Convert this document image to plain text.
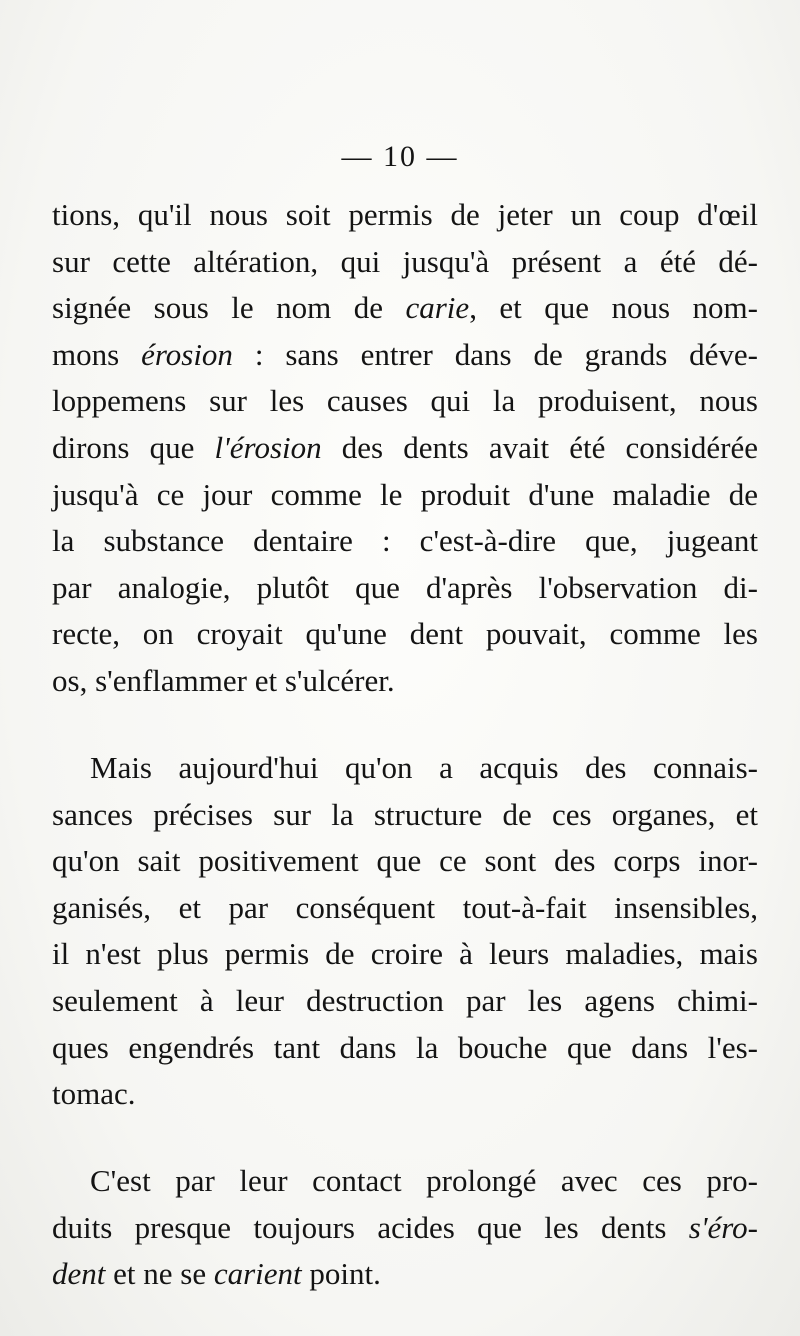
— 10 —
tions, qu'il nous soit permis de jeter un coup d'œil
sur cette altération, qui jusqu'à présent a été dé-
signée sous le nom de carie, et que nous nom-
mons érosion : sans entrer dans de grands déve-
loppemens sur les causes qui la produisent, nous
dirons que l'érosion des dents avait été considérée
jusqu'à ce jour comme le produit d'une maladie de
la substance dentaire : c'est-à-dire que, jugeant
par analogie, plutôt que d'après l'observation di-
recte, on croyait qu'une dent pouvait, comme les
os, s'enflammer et s'ulcérer.
Mais aujourd'hui qu'on a acquis des connais-
sances précises sur la structure de ces organes, et
qu'on sait positivement que ce sont des corps inor-
ganisés, et par conséquent tout-à-fait insensibles,
il n'est plus permis de croire à leurs maladies, mais
seulement à leur destruction par les agens chimi-
ques engendrés tant dans la bouche que dans l'es-
tomac.
C'est par leur contact prolongé avec ces pro-
duits presque toujours acides que les dents s'éro-
dent et ne se carient point.
